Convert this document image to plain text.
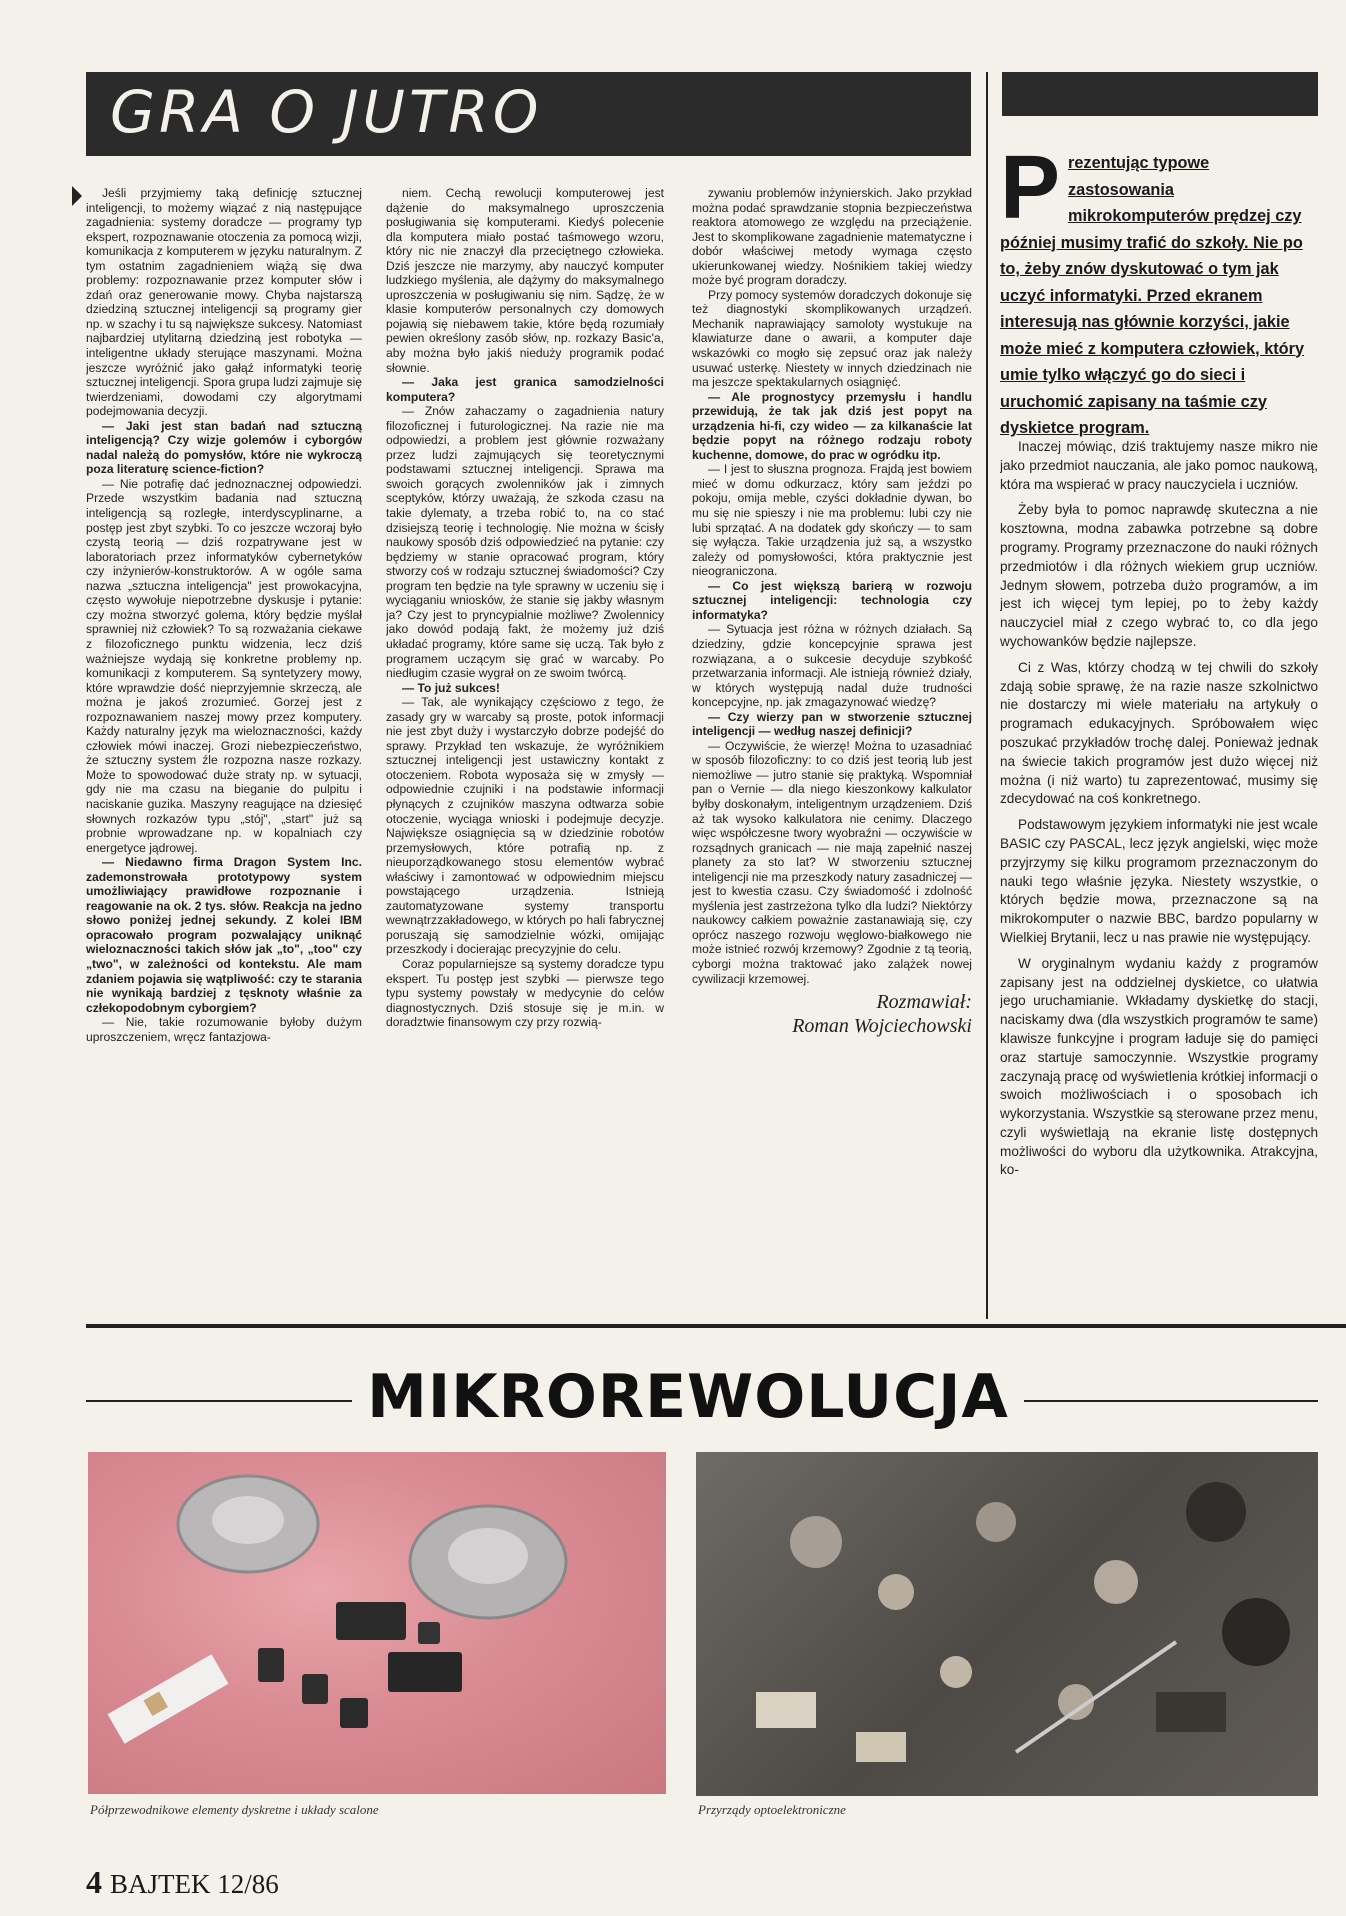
GRA O JUTRO

Jeśli przyjmiemy taką definicję sztucznej inteligencji, to możemy wiązać z nią następujące zagadnienia: systemy doradcze — programy typ ekspert, rozpoznawanie otoczenia za pomocą wizji, komunikacja z komputerem w języku naturalnym. Z tym ostatnim zagadnieniem wiążą się dwa problemy: rozpoznawanie przez komputer słów i zdań oraz generowanie mowy. Chyba najstarszą dziedziną sztucznej inteligencji są programy gier np. w szachy i tu są największe sukcesy. Natomiast najbardziej utylitarną dziedziną jest robotyka — inteligentne układy sterujące maszynami. Można jeszcze wyróżnić jako gałąź informatyki teorię sztucznej inteligencji. Spora grupa ludzi zajmuje się twierdzeniami, dowodami czy algorytmami podejmowania decyzji.

— Jaki jest stan badań nad sztuczną inteligencją? Czy wizje golemów i cyborgów nadal należą do pomysłów, które nie wykroczą poza literaturę science-fiction?

— Nie potrafię dać jednoznacznej odpowiedzi. Przede wszystkim badania nad sztuczną inteligencją są rozległe, interdyscyplinarne, a postęp jest zbyt szybki. To co jeszcze wczoraj było czystą teorią — dziś rozpatrywane jest w laboratoriach przez informatyków cybernetyków czy inżynierów-konstruktorów. A w ogóle sama nazwa „sztuczna inteligencja" jest prowokacyjna, często wywołuje niepotrzebne dyskusje i pytanie: czy można stworzyć golema, który będzie myślał sprawniej niż człowiek? To są rozważania ciekawe z filozoficznego punktu widzenia, lecz dziś ważniejsze wydają się konkretne problemy np. komunikacji z komputerem. Są syntetyzery mowy, które wprawdzie dość nieprzyjemnie skrzeczą, ale można je jakoś zrozumieć. Gorzej jest z rozpoznawaniem naszej mowy przez komputery. Każdy naturalny język ma wieloznaczności, każdy człowiek mówi inaczej. Grozi niebezpieczeństwo, że sztuczny system źle rozpozna nasze rozkazy. Może to spowodować duże straty np. w sytuacji, gdy nie ma czasu na bieganie do pulpitu i naciskanie guzika. Maszyny reagujące na dziesięć słownych rozkazów typu „stój", „start" już są probnie wprowadzane np. w kopalniach czy energetyce jądrowej.

— Niedawno firma Dragon System Inc. zademonstrowała prototypowy system umożliwiający prawidłowe rozpoznanie i reagowanie na ok. 2 tys. słów. Reakcja na jedno słowo poniżej jednej sekundy. Z kolei IBM opracowało program pozwalający uniknąć wieloznaczności takich słów jak „to", „too" czy „two", w zależności od kontekstu. Ale mam zdaniem pojawia się wątpliwość: czy te starania nie wynikają bardziej z tęsknoty właśnie za człekopodobnym cyborgiem?

— Nie, takie rozumowanie byłoby dużym uproszczeniem, wręcz fantazjowa-

niem. Cechą rewolucji komputerowej jest dążenie do maksymalnego uproszczenia posługiwania się komputerami. Kiedyś polecenie dla komputera miało postać taśmowego wzoru, który nic nie znaczył dla przeciętnego człowieka. Dziś jeszcze nie marzymy, aby nauczyć komputer ludzkiego myślenia, ale dążymy do maksymalnego uproszczenia w posługiwaniu się nim. Sądzę, że w klasie komputerów personalnych czy domowych pojawią się niebawem takie, które będą rozumiały pewien określony zasób słów, np. rozkazy Basic'a, aby można było jakiś nieduży programik podać słownie.

— Jaka jest granica samodzielności komputera?

— Znów zahaczamy o zagadnienia natury filozoficznej i futurologicznej. Na razie nie ma odpowiedzi, a problem jest głównie rozważany przez ludzi zajmujących się teoretycznymi podstawami sztucznej inteligencji. Sprawa ma swoich gorących zwolenników jak i zimnych sceptyków, którzy uważają, że szkoda czasu na takie dylematy, a trzeba robić to, na co stać dzisiejszą teorię i technologię. Nie można w ścisły naukowy sposób dziś odpowiedzieć na pytanie: czy będziemy w stanie opracować program, który stworzy coś w rodzaju sztucznej świadomości? Czy program ten będzie na tyle sprawny w uczeniu się i wyciąganiu wniosków, że stanie się jakby własnym ja? Czy jest to pryncypialnie możliwe? Zwolennicy jako dowód podają fakt, że możemy już dziś układać programy, które same się uczą. Tak było z programem uczącym się grać w warcaby. Po niedługim czasie wygrał on ze swoim twórcą.

— To już sukces!

— Tak, ale wynikający częściowo z tego, że zasady gry w warcaby są proste, potok informacji nie jest zbyt duży i wystarczyło dobrze podejść do sprawy. Przykład ten wskazuje, że wyróżnikiem sztucznej inteligencji jest ustawiczny kontakt z otoczeniem. Robota wyposaża się w zmysły — odpowiednie czujniki i na podstawie informacji płynących z czujników maszyna odtwarza sobie otoczenie, wyciąga wnioski i podejmuje decyzje. Największe osiągnięcia są w dziedzinie robotów przemysłowych, które potrafią np. z nieuporządkowanego stosu elementów wybrać właściwy i zamontować w odpowiednim miejscu powstającego urządzenia. Istnieją zautomatyzowane systemy transportu wewnątrzzakładowego, w których po hali fabrycznej poruszają się samodzielnie wózki, omijając przeszkody i docierając precyzyjnie do celu.

Coraz popularniejsze są systemy doradcze typu ekspert. Tu postęp jest szybki — pierwsze tego typu systemy powstały w medycynie do celów diagnostycznych. Dziś stosuje się je m.in. w doradztwie finansowym czy przy rozwią-

zywaniu problemów inżynierskich. Jako przykład można podać sprawdzanie stopnia bezpieczeństwa reaktora atomowego ze względu na przeciążenie. Jest to skomplikowane zagadnienie matematyczne i dobór właściwej metody wymaga często ukierunkowanej wiedzy. Nośnikiem takiej wiedzy może być program doradczy.

Przy pomocy systemów doradczych dokonuje się też diagnostyki skomplikowanych urządzeń. Mechanik naprawiający samoloty wystukuje na klawiaturze dane o awarii, a komputer daje wskazówki co mogło się zepsuć oraz jak należy usuwać usterkę. Niestety w innych dziedzinach nie ma jeszcze spektakularnych osiągnięć.

— Ale prognostycy przemysłu i handlu przewidują, że tak jak dziś jest popyt na urządzenia hi-fi, czy wideo — za kilkanaście lat będzie popyt na różnego rodzaju roboty kuchenne, domowe, do prac w ogródku itp.

— I jest to słuszna prognoza. Frajdą jest bowiem mieć w domu odkurzacz, który sam jeździ po pokoju, omija meble, czyści dokładnie dywan, bo mu się nie spieszy i nie ma problemu: lubi czy nie lubi sprzątać. A na dodatek gdy skończy — to sam się wyłącza. Takie urządzenia już są, a wszystko zależy od pomysłowości, która praktycznie jest nieograniczona.

— Co jest większą barierą w rozwoju sztucznej inteligencji: technologia czy informatyka?

— Sytuacja jest różna w różnych działach. Są dziedziny, gdzie koncepcyjnie sprawa jest rozwiązana, a o sukcesie decyduje szybkość przetwarzania informacji. Ale istnieją również działy, w których występują nadal duże trudności koncepcyjne, np. jak zmagazynować wiedzę?

— Czy wierzy pan w stworzenie sztucznej inteligencji — według naszej definicji?

— Oczywiście, że wierzę! Można to uzasadniać w sposób filozoficzny: to co dziś jest teorią lub jest niemożliwe — jutro stanie się praktyką. Wspomniał pan o Vernie — dla niego kieszonkowy kalkulator byłby doskonałym, inteligentnym urządzeniem. Dziś aż tak wysoko kalkulatora nie cenimy. Dlaczego więc współczesne twory wyobraźni — oczywiście w rozsądnych granicach — nie mają zapełnić naszej planety za sto lat? W stworzeniu sztucznej inteligencji nie ma przeszkody natury zasadniczej — jest to kwestia czasu. Czy świadomość i zdolność myślenia jest zastrzeżona tylko dla ludzi? Niektórzy naukowcy całkiem poważnie zastanawiają się, czy oprócz naszego rozwoju węglowo-białkowego nie może istnieć rozwój krzemowy? Zgodnie z tą teorią, cyborgi można traktować jako zalążek nowej cywilizacji krzemowej.

Rozmawiał:
Roman Wojciechowski
P rezentując typowe zastosowania mikrokomputerów prędzej czy później musimy trafić do szkoły. Nie po to, żeby znów dyskutować o tym jak uczyć informatyki. Przed ekranem interesują nas głównie korzyści, jakie może mieć z komputera człowiek, który umie tylko włączyć go do sieci i uruchomić zapisany na taśmie czy dyskietce program.

Inaczej mówiąc, dziś traktujemy nasze mikro nie jako przedmiot nauczania, ale jako pomoc naukową, która ma wspierać w pracy nauczyciela i uczniów.

Żeby była to pomoc naprawdę skuteczna a nie kosztowna, modna zabawka potrzebne są dobre programy. Programy przeznaczone do nauki różnych przedmiotów i dla różnych wiekiem grup uczniów. Jednym słowem, potrzeba dużo programów, a im jest ich więcej tym lepiej, po to żeby każdy nauczyciel miał z czego wybrać to, co dla jego wychowanków będzie najlepsze.

Ci z Was, którzy chodzą w tej chwili do szkoły zdają sobie sprawę, że na razie nasze szkolnictwo nie dostarczy mi wiele materiału na artykuły o programach edukacyjnych. Spróbowałem więc poszukać przykładów trochę dalej. Ponieważ jednak na świecie takich programów jest dużo więcej niż można (i niż warto) tu zaprezentować, musimy się zdecydować na coś konkretnego.

Podstawowym językiem informatyki nie jest wcale BASIC czy PASCAL, lecz język angielski, więc może przyjrzymy się kilku programom przeznaczonym do nauki tego właśnie języka. Niestety wszystkie, o których będzie mowa, przeznaczone są na mikrokomputer o nazwie BBC, bardzo popularny w Wielkiej Brytanii, lecz u nas prawie nie występujący.

W oryginalnym wydaniu każdy z programów zapisany jest na oddzielnej dyskietce, co ułatwia jego uruchamianie. Wkładamy dyskietkę do stacji, naciskamy dwa (dla wszystkich programów te same) klawisze funkcyjne i program ładuje się do pamięci oraz startuje samoczynnie. Wszystkie programy zaczynają pracę od wyświetlenia krótkiej informacji o swoich możliwościach i o sposobach ich wykorzystania. Wszystkie są sterowane przez menu, czyli wyświetlają na ekranie listę dostępnych możliwości do wyboru dla użytkownika. Atrakcyjna, ko-

MIKROREWOLUCJA
Półprzewodnikowe elementy dyskretne i układy scalone	Przyrządy optoelektroniczne
4 BAJTEK 12/86
